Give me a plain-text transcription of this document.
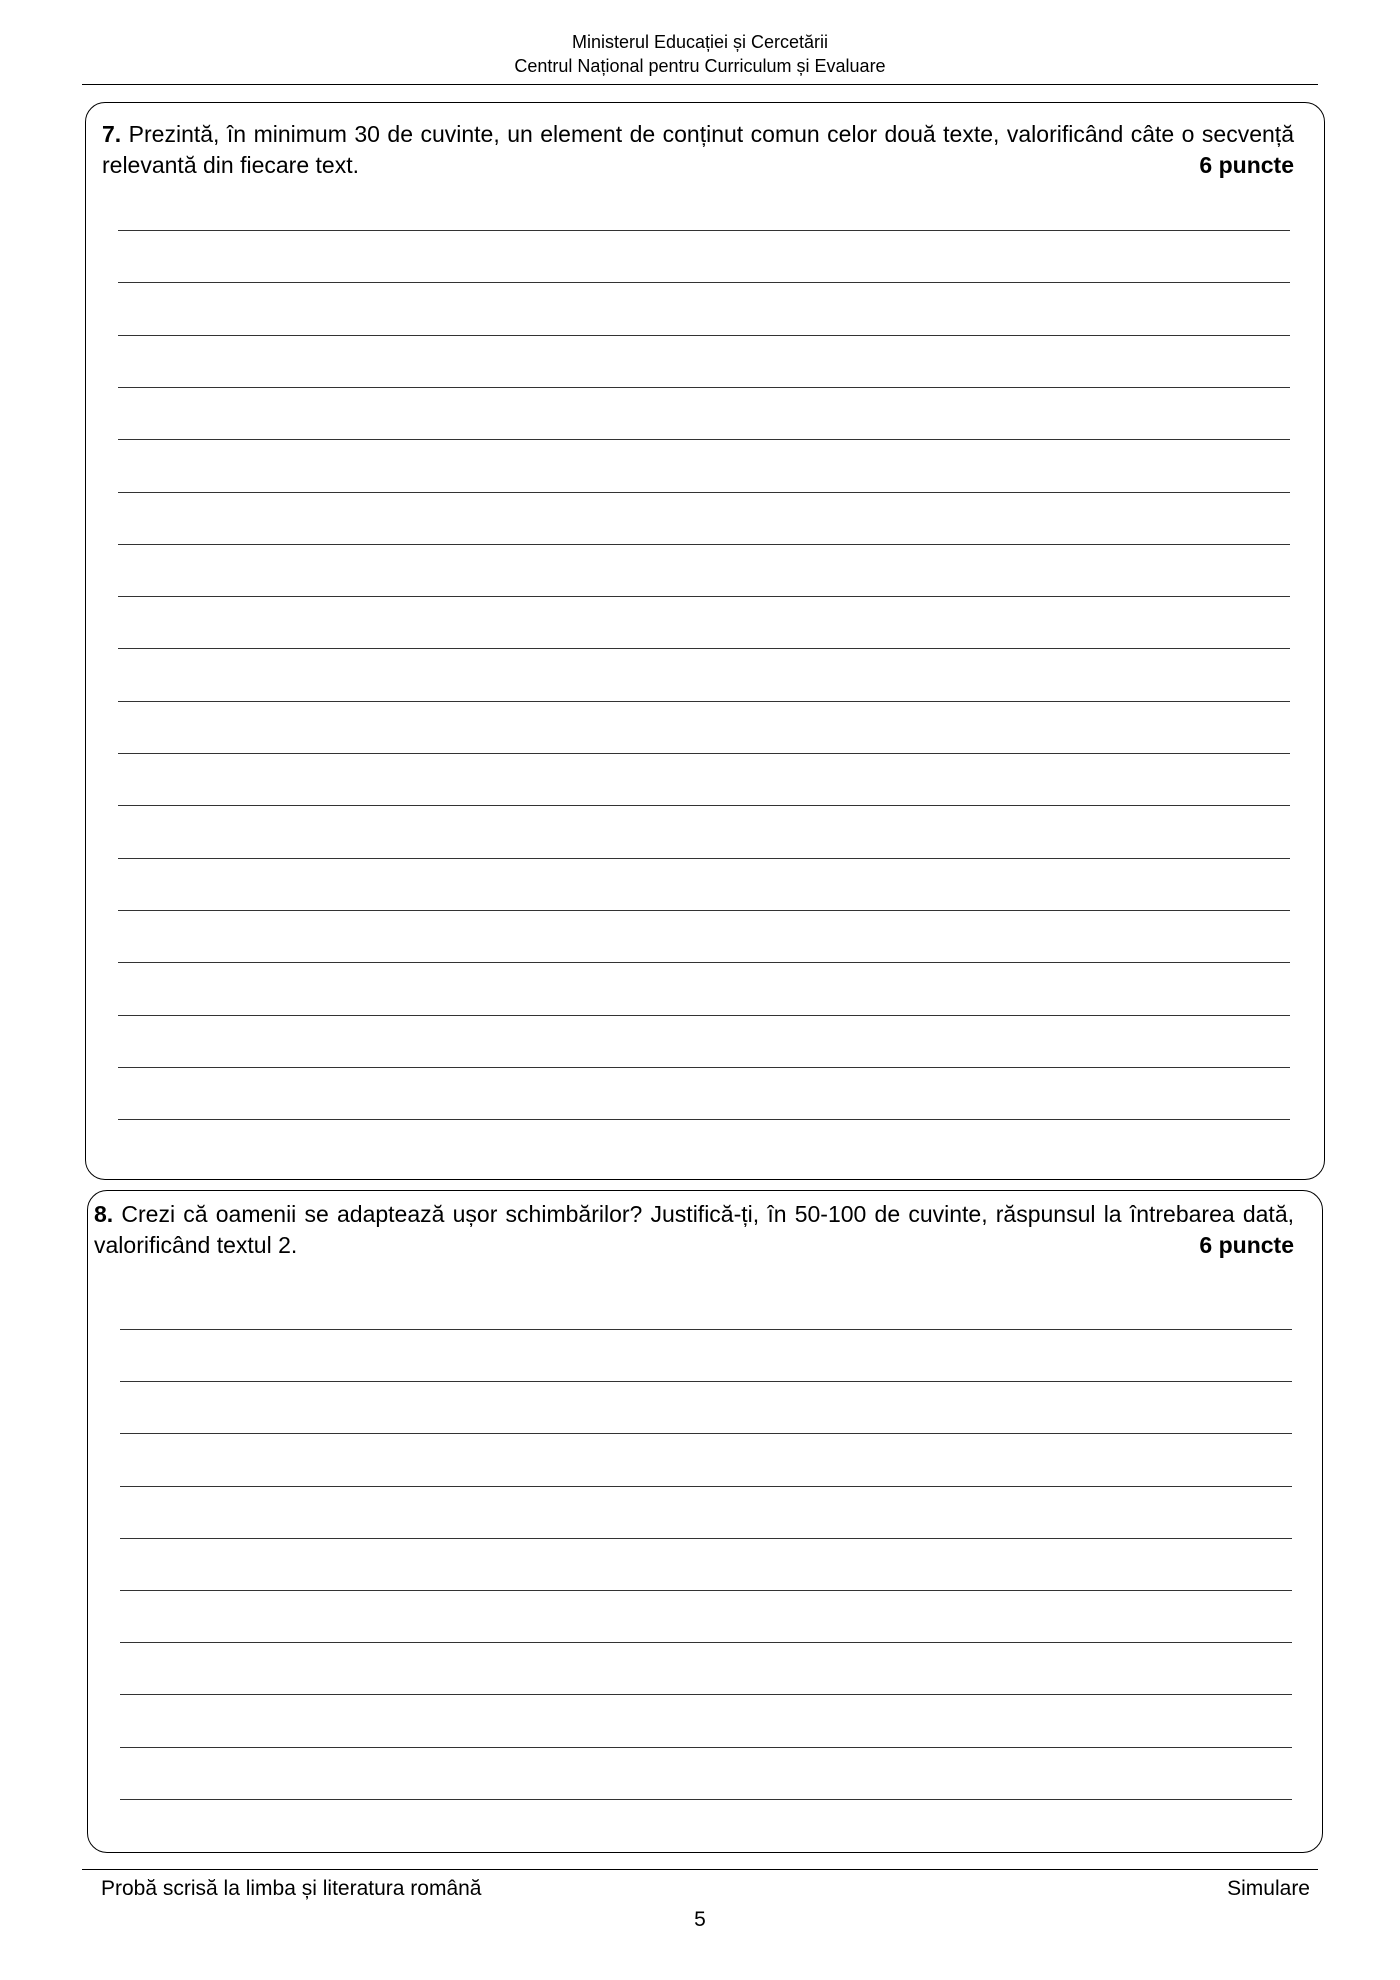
Ministerul Educației și Cercetării
Centrul Național pentru Curriculum și Evaluare
7. Prezintă, în minimum 30 de cuvinte, un element de conținut comun celor două texte, valorificând câte o secvență relevantă din fiecare text.	6 puncte
8. Crezi că oamenii se adaptează ușor schimbărilor? Justifică-ți, în 50-100 de cuvinte, răspunsul la întrebarea dată, valorificând textul 2.	6 puncte
Probă scrisă la limba și literatura română	Simulare
5
